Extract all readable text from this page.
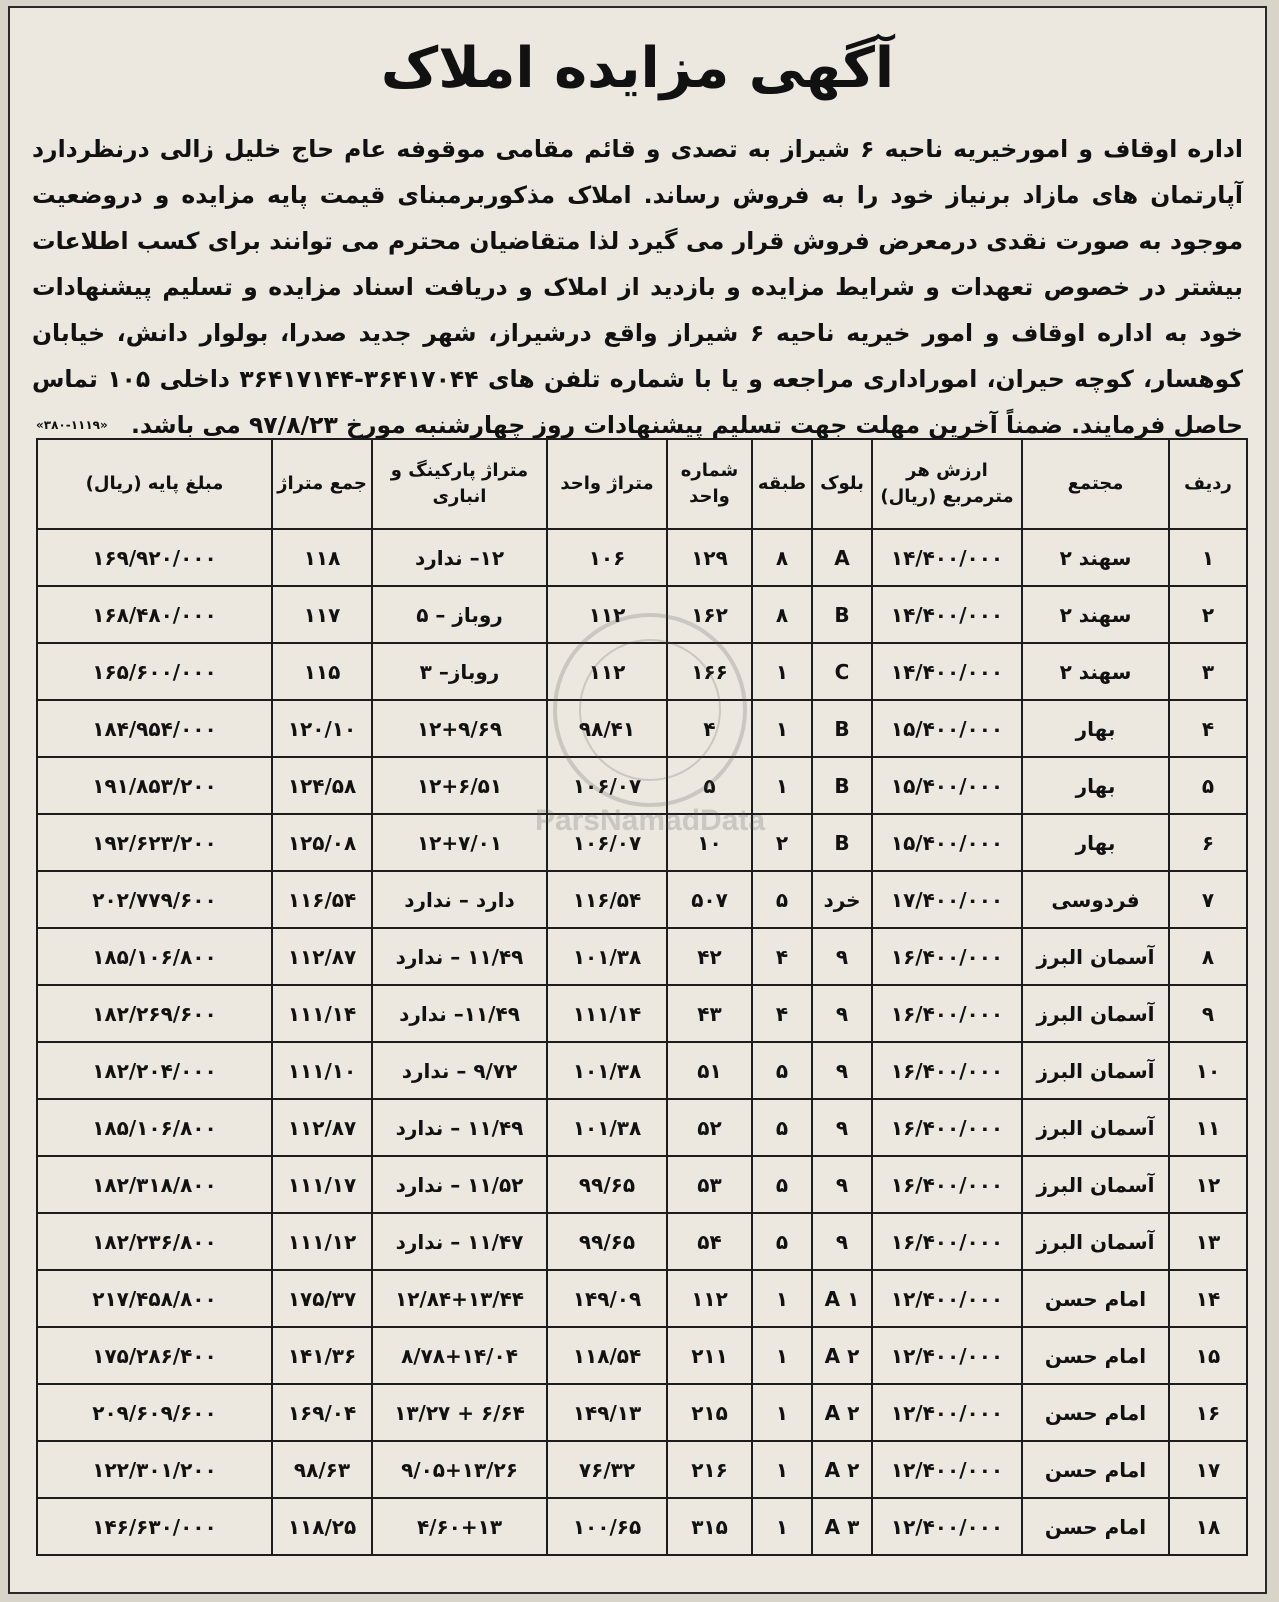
آگهی مزایده املاک
اداره اوقاف و امورخیریه ناحیه ۶ شیراز به تصدی و قائم مقامی موقوفه عام حاج خلیل زالی درنظردارد آپارتمان های مازاد برنیاز خود را به فروش رساند. املاک مذکوربرمبنای قیمت پایه مزایده و دروضعیت موجود به صورت نقدی درمعرض فروش قرار می گیرد لذا متقاضیان محترم می توانند برای کسب اطلاعات بیشتر در خصوص تعهدات و شرایط مزایده و بازدید از املاک و دریافت اسناد مزایده و تسلیم پیشنهادات خود به اداره اوقاف و امور خیریه ناحیه ۶ شیراز واقع درشیراز، شهر جدید صدرا، بولوار دانش، خیابان کوهسار، کوچه حیران، اموراداری مراجعه و یا با شماره تلفن های ۳۶۴۱۷۰۴۴-۳۶۴۱۷۱۴۴ داخلی ۱۰۵ تماس حاصل فرمایند. ضمناً آخرین مهلت جهت تسلیم پیشنهادات روز چهارشنبه مورخ ۹۷/۸/۲۳ می باشد.
«۳۸۰-۱۱۱۹»
ردیف	مجتمع	ارزش هر مترمربع (ریال)	بلوک	طبقه	شماره واحد	متراژ واحد	متراژ پارکینگ و انباری	جمع متراژ	مبلغ پایه (ریال)
۱	سهند ۲	۱۴/۴۰۰/۰۰۰	A	۸	۱۲۹	۱۰۶	۱۲– ندارد	۱۱۸	۱۶۹/۹۲۰/۰۰۰
۲	سهند ۲	۱۴/۴۰۰/۰۰۰	B	۸	۱۶۲	۱۱۲	روباز – ۵	۱۱۷	۱۶۸/۴۸۰/۰۰۰
۳	سهند ۲	۱۴/۴۰۰/۰۰۰	C	۱	۱۶۶	۱۱۲	روباز– ۳	۱۱۵	۱۶۵/۶۰۰/۰۰۰
۴	بهار	۱۵/۴۰۰/۰۰۰	B	۱	۴	۹۸/۴۱	۱۲+۹/۶۹	۱۲۰/۱۰	۱۸۴/۹۵۴/۰۰۰
۵	بهار	۱۵/۴۰۰/۰۰۰	B	۱	۵	۱۰۶/۰۷	۱۲+۶/۵۱	۱۲۴/۵۸	۱۹۱/۸۵۳/۲۰۰
۶	بهار	۱۵/۴۰۰/۰۰۰	B	۲	۱۰	۱۰۶/۰۷	۱۲+۷/۰۱	۱۲۵/۰۸	۱۹۲/۶۲۳/۲۰۰
۷	فردوسی	۱۷/۴۰۰/۰۰۰	خرد	۵	۵۰۷	۱۱۶/۵۴	دارد – ندارد	۱۱۶/۵۴	۲۰۲/۷۷۹/۶۰۰
۸	آسمان البرز	۱۶/۴۰۰/۰۰۰	۹	۴	۴۲	۱۰۱/۳۸	۱۱/۴۹ – ندارد	۱۱۲/۸۷	۱۸۵/۱۰۶/۸۰۰
۹	آسمان البرز	۱۶/۴۰۰/۰۰۰	۹	۴	۴۳	۱۱۱/۱۴	۱۱/۴۹– ندارد	۱۱۱/۱۴	۱۸۲/۲۶۹/۶۰۰
۱۰	آسمان البرز	۱۶/۴۰۰/۰۰۰	۹	۵	۵۱	۱۰۱/۳۸	۹/۷۲ – ندارد	۱۱۱/۱۰	۱۸۲/۲۰۴/۰۰۰
۱۱	آسمان البرز	۱۶/۴۰۰/۰۰۰	۹	۵	۵۲	۱۰۱/۳۸	۱۱/۴۹ – ندارد	۱۱۲/۸۷	۱۸۵/۱۰۶/۸۰۰
۱۲	آسمان البرز	۱۶/۴۰۰/۰۰۰	۹	۵	۵۳	۹۹/۶۵	۱۱/۵۲ – ندارد	۱۱۱/۱۷	۱۸۲/۳۱۸/۸۰۰
۱۳	آسمان البرز	۱۶/۴۰۰/۰۰۰	۹	۵	۵۴	۹۹/۶۵	۱۱/۴۷ – ندارد	۱۱۱/۱۲	۱۸۲/۲۳۶/۸۰۰
۱۴	امام حسن	۱۲/۴۰۰/۰۰۰	A ۱	۱	۱۱۲	۱۴۹/۰۹	۱۲/۸۴+۱۳/۴۴	۱۷۵/۳۷	۲۱۷/۴۵۸/۸۰۰
۱۵	امام حسن	۱۲/۴۰۰/۰۰۰	A ۲	۱	۲۱۱	۱۱۸/۵۴	۸/۷۸+۱۴/۰۴	۱۴۱/۳۶	۱۷۵/۲۸۶/۴۰۰
۱۶	امام حسن	۱۲/۴۰۰/۰۰۰	A ۲	۱	۲۱۵	۱۴۹/۱۳	۶/۶۴ + ۱۳/۲۷	۱۶۹/۰۴	۲۰۹/۶۰۹/۶۰۰
۱۷	امام حسن	۱۲/۴۰۰/۰۰۰	A ۲	۱	۲۱۶	۷۶/۳۲	۹/۰۵+۱۳/۲۶	۹۸/۶۳	۱۲۲/۳۰۱/۲۰۰
۱۸	امام حسن	۱۲/۴۰۰/۰۰۰	A ۳	۱	۳۱۵	۱۰۰/۶۵	۴/۶۰+۱۳	۱۱۸/۲۵	۱۴۶/۶۳۰/۰۰۰
ParsNamadData
